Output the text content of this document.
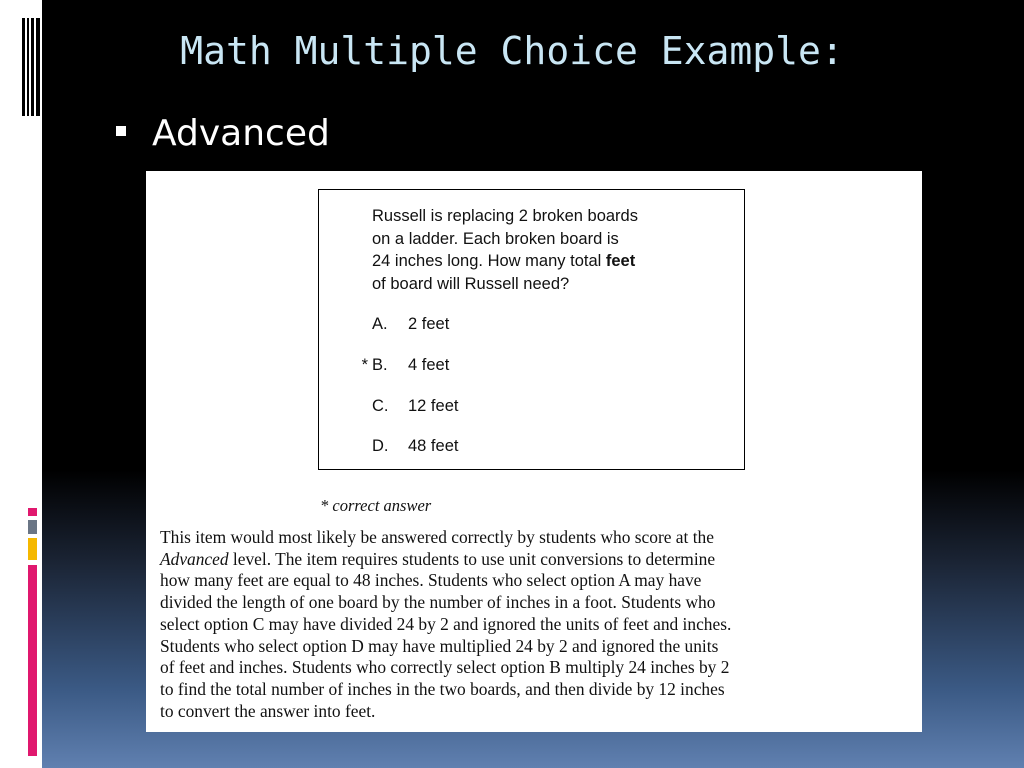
Math Multiple Choice Example:
Advanced
Russell is replacing 2 broken boards
on a ladder. Each broken board is
24 inches long. How many total feet
of board will Russell need?
A. 2 feet
* B. 4 feet
C. 12 feet
D. 48 feet
* correct answer
This item would most likely be answered correctly by students who score at the
Advanced level. The item requires students to use unit conversions to determine
how many feet are equal to 48 inches. Students who select option A may have
divided the length of one board by the number of inches in a foot. Students who
select option C may have divided 24 by 2 and ignored the units of feet and inches.
Students who select option D may have multiplied 24 by 2 and ignored the units
of feet and inches. Students who correctly select option B multiply 24 inches by 2
to find the total number of inches in the two boards, and then divide by 12 inches
to convert the answer into feet.
